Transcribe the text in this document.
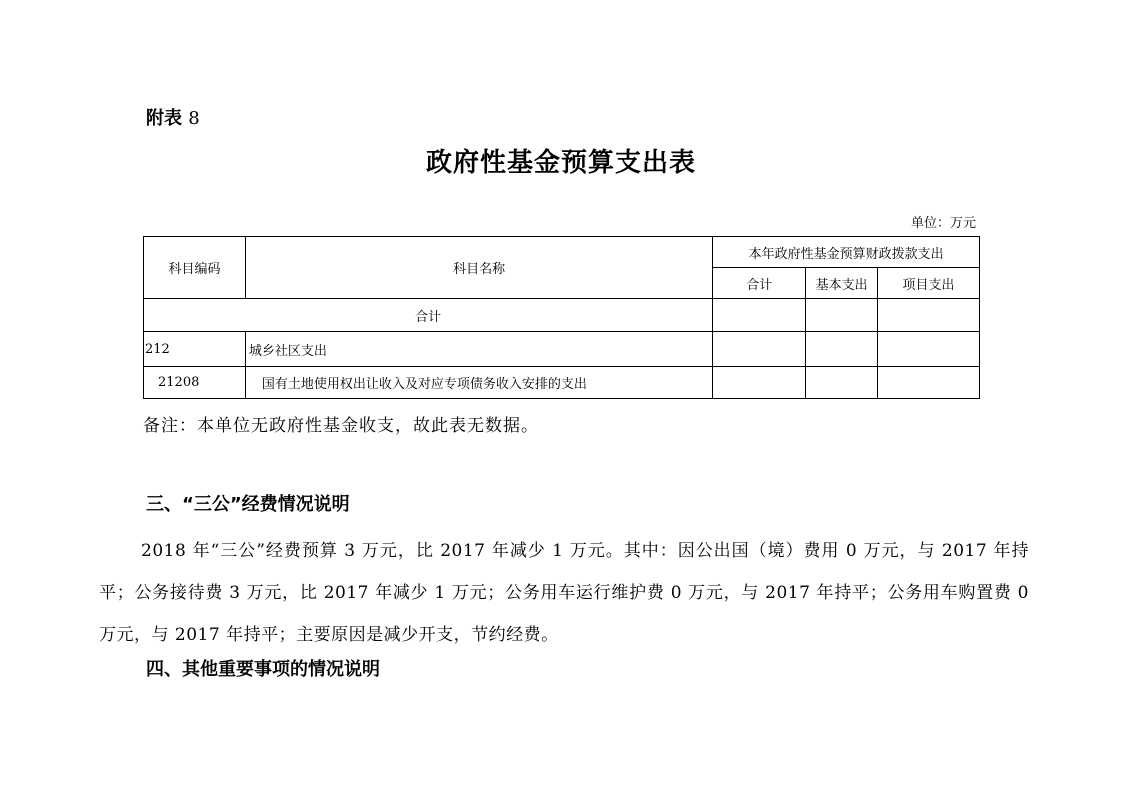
附表 8
政府性基金预算支出表
单位：万元
科目编码	科目名称	本年政府性基金预算财政拨款支出		
		合计	基本支出	项目支出
合计				
212	城乡社区支出			
21208	国有土地使用权出让收入及对应专项债务收入安排的支出			
备注：本单位无政府性基金收支，故此表无数据。
三、“三公”经费情况说明
2018 年“三公”经费预算 3 万元，比 2017 年减少 1 万元。其中：因公出国（境）费用 0 万元，与 2017 年持平；公务接待费 3 万元，比 2017 年减少 1 万元；公务用车运行维护费 0 万元，与 2017 年持平；公务用车购置费 0 万元，与 2017 年持平；主要原因是减少开支，节约经费。
四、其他重要事项的情况说明
